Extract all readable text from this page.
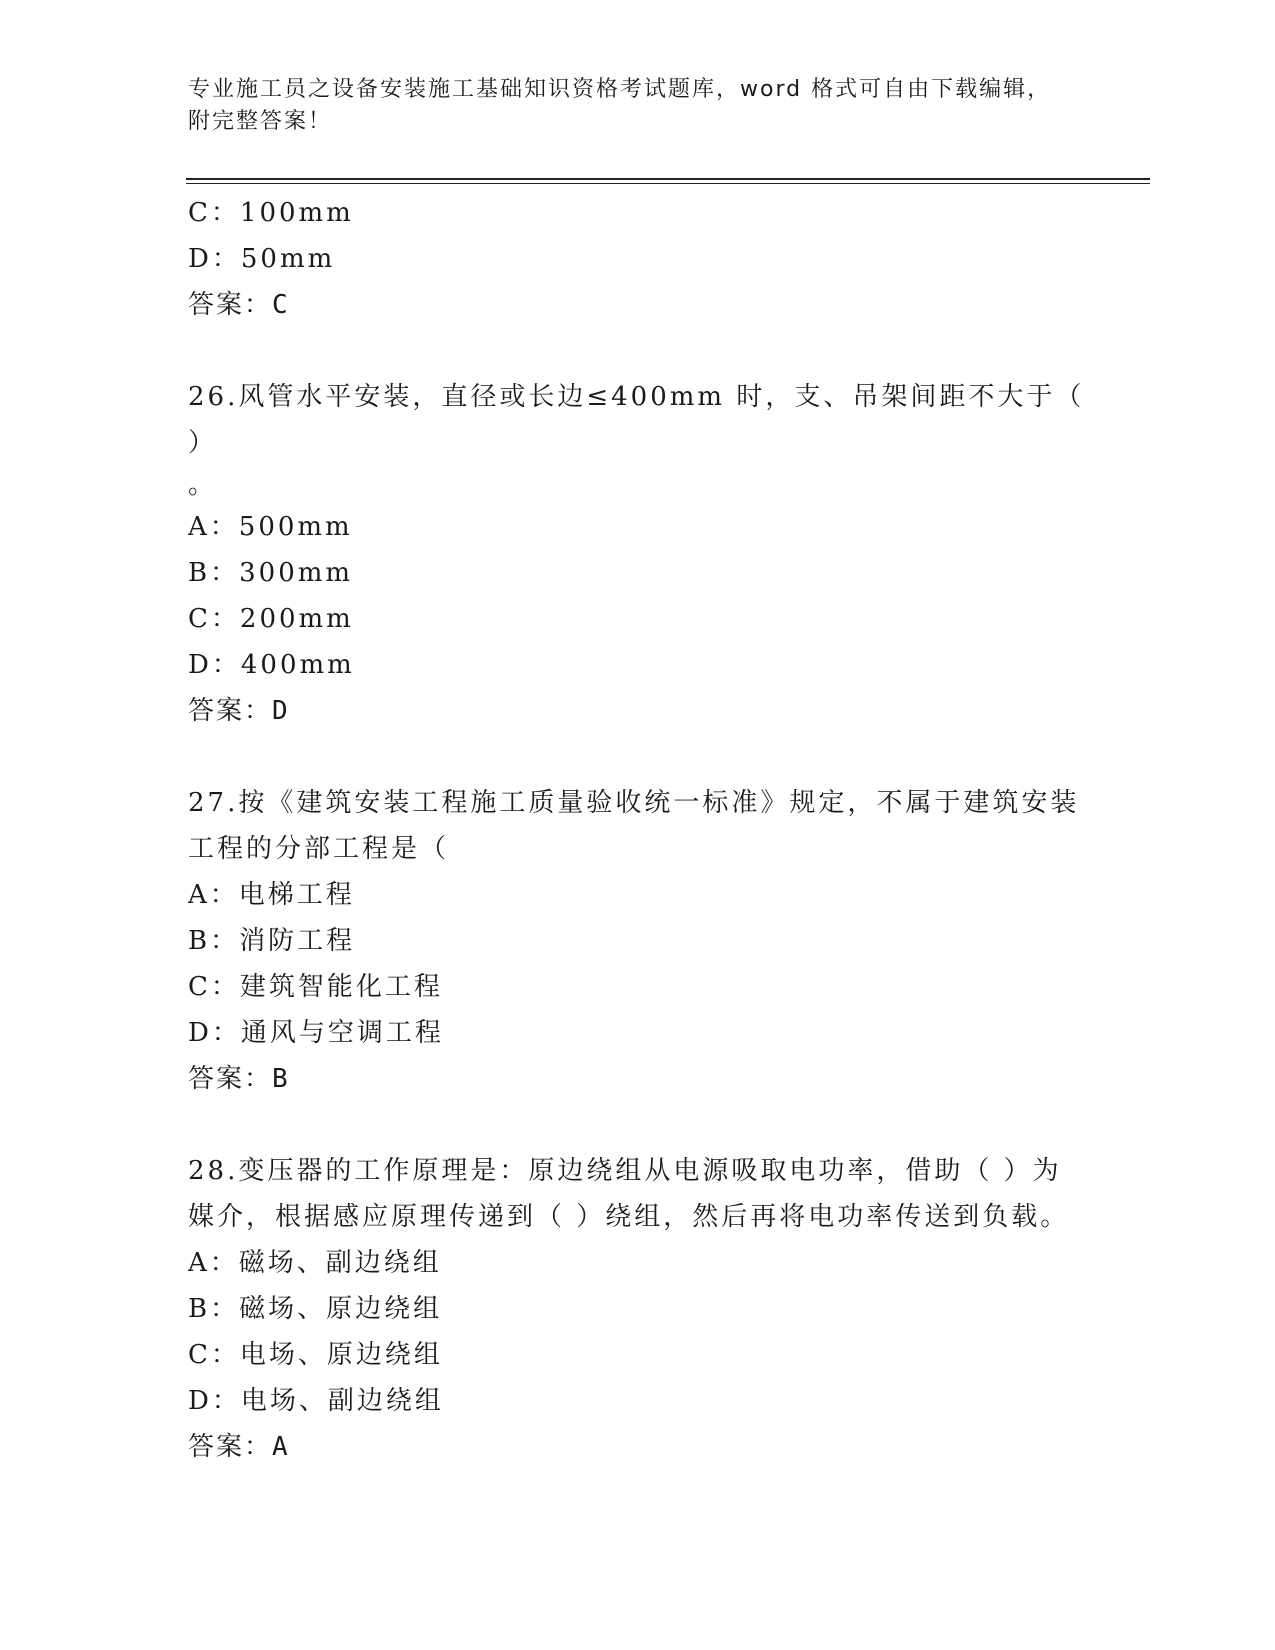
专业施工员之设备安装施工基础知识资格考试题库，word 格式可自由下载编辑，
附完整答案！
C：100mm
D：50mm
答案：C
26.风管水平安装，直径或长边≤400mm 时，支、吊架间距不大于（ ）
。
A：500mm
B：300mm
C：200mm
D：400mm
答案：D
27.按《建筑安装工程施工质量验收统一标准》规定，不属于建筑安装
工程的分部工程是（
A：电梯工程
B：消防工程
C：建筑智能化工程
D：通风与空调工程
答案：B
28.变压器的工作原理是：原边绕组从电源吸取电功率，借助（ ）为
媒介，根据感应原理传递到（ ）绕组，然后再将电功率传送到负载。
A：磁场、副边绕组
B：磁场、原边绕组
C：电场、原边绕组
D：电场、副边绕组
答案：A
